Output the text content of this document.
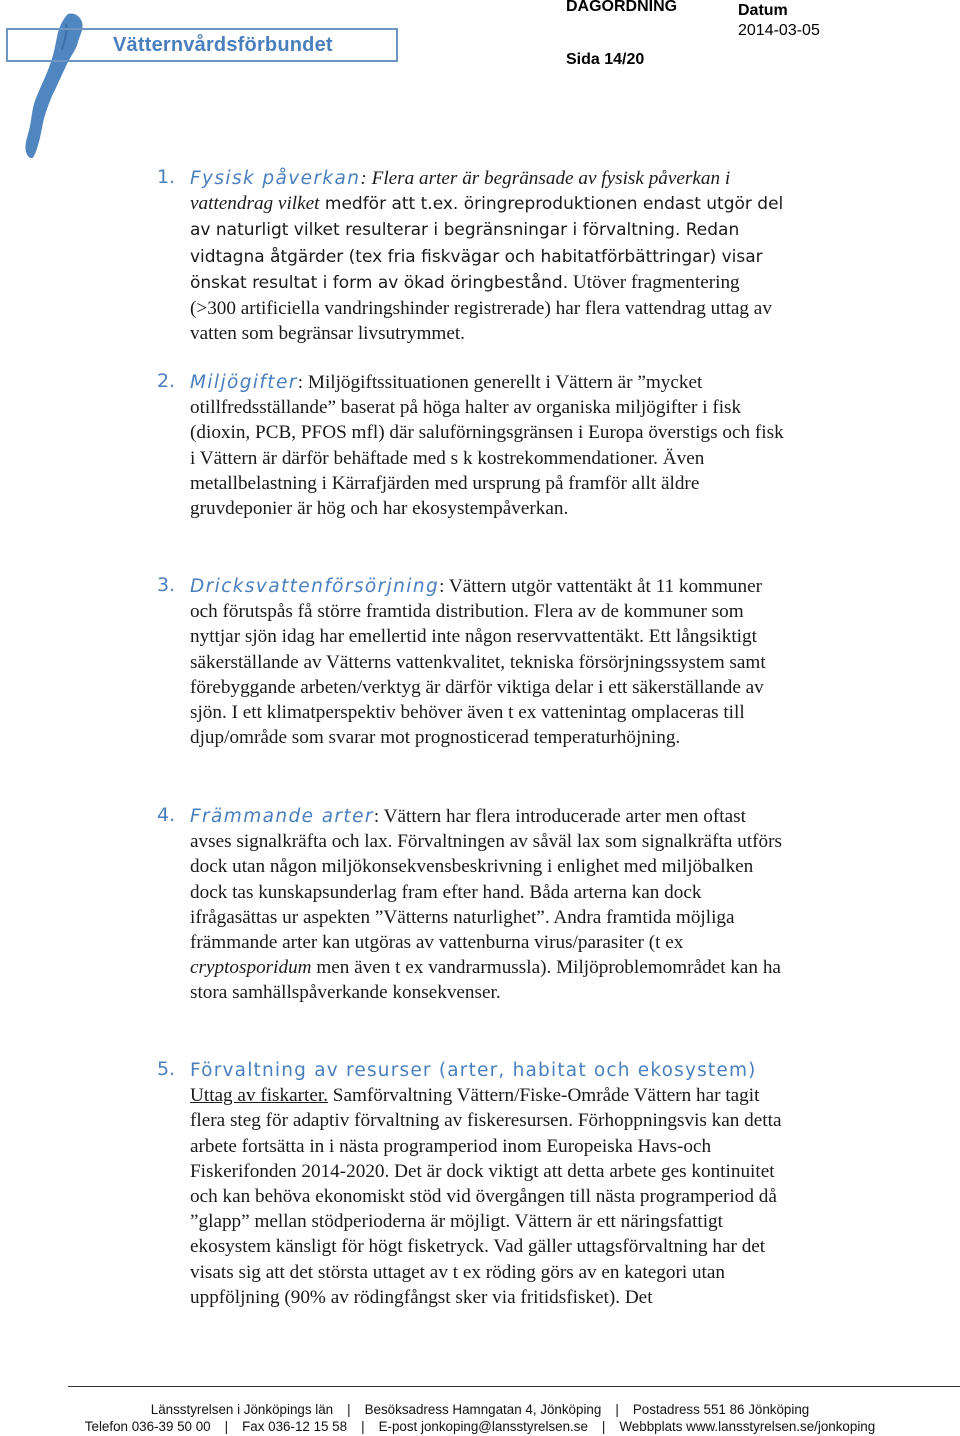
Vätternvårdsförbundet
DAGORDNING	Datum
2014-03-05
Sida 14/20
1. Fysisk påverkan: Flera arter är begränsade av fysisk påverkan i vattendrag vilket medför att t.ex. öringreproduktionen endast utgör del av naturligt vilket resulterar i begränsningar i förvaltning. Redan vidtagna åtgärder (tex fria fiskvägar och habitatförbättringar) visar önskat resultat i form av ökad öringbestånd. Utöver fragmentering (>300 artificiella vandringshinder registrerade) har flera vattendrag uttag av vatten som begränsar livsutrymmet.
2. Miljögifter: Miljögiftssituationen generellt i Vättern är ”mycket otillfredsställande” baserat på höga halter av organiska miljögifter i fisk (dioxin, PCB, PFOS mfl) där saluförningsgränsen i Europa överstigs och fisk i Vättern är därför behäftade med s k kostrekommendationer. Även metallbelastning i Kärrafjärden med ursprung på framför allt äldre gruvdeponier är hög och har ekosystempåverkan.
3. Dricksvattenförsörjning: Vättern utgör vattentäkt åt 11 kommuner och förutspås få större framtida distribution. Flera av de kommuner som nyttjar sjön idag har emellertid inte någon reservvattentäkt. Ett långsiktigt säkerställande av Vätterns vattenkvalitet, tekniska försörjningssystem samt förebyggande arbeten/verktyg är därför viktiga delar i ett säkerställande av sjön. I ett klimatperspektiv behöver även t ex vattenintag omplaceras till djup/område som svarar mot prognosticerad temperaturhöjning.
4. Främmande arter: Vättern har flera introducerade arter men oftast avses signalkräfta och lax. Förvaltningen av såväl lax som signalkräfta utförs dock utan någon miljökonsekvensbeskrivning i enlighet med miljöbalken dock tas kunskapsunderlag fram efter hand. Båda arterna kan dock ifrågasättas ur aspekten ”Vätterns naturlighet”. Andra framtida möjliga främmande arter kan utgöras av vattenburna virus/parasiter (t ex cryptosporidum men även t ex vandrarmussla). Miljöproblemområdet kan ha stora samhällspåverkande konsekvenser.
5. Förvaltning av resurser (arter, habitat och ekosystem)
Uttag av fiskarter. Samförvaltning Vättern/Fiske-Område Vättern har tagit flera steg för adaptiv förvaltning av fiskeresursen. Förhoppningsvis kan detta arbete fortsätta in i nästa programperiod inom Europeiska Havs-och Fiskerifonden 2014-2020. Det är dock viktigt att detta arbete ges kontinuitet och kan behöva ekonomiskt stöd vid övergången till nästa programperiod då ”glapp” mellan stödperioderna är möjligt. Vättern är ett näringsfattigt ekosystem känsligt för högt fisketryck. Vad gäller uttagsförvaltning har det visats sig att det största uttaget av t ex röding görs av en kategori utan uppföljning (90% av rödingfångst sker via fritidsfisket). Det
Länsstyrelsen i Jönköpings län | Besöksadress Hamngatan 4, Jönköping | Postadress 551 86 Jönköping
Telefon 036-39 50 00 | Fax 036-12 15 58 | E-post jonkoping@lansstyrelsen.se | Webbplats www.lansstyrelsen.se/jonkoping
